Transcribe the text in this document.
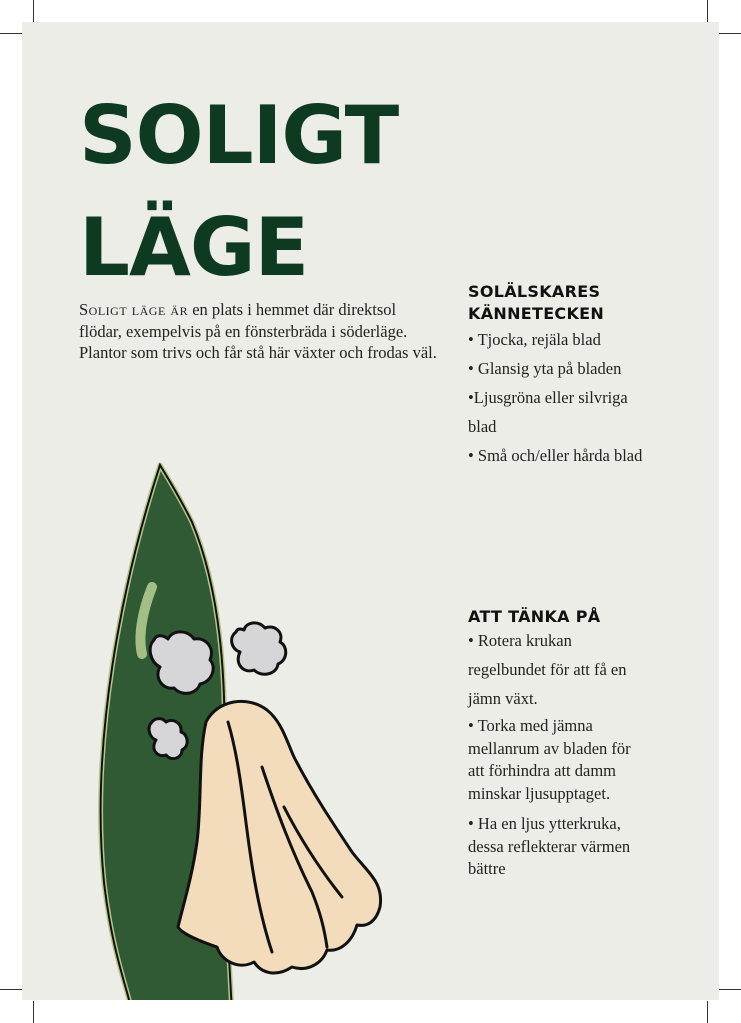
SOLIGT
LÄGE

Soligt läge är en plats i hemmet där direktsol flödar, exempelvis på en fönsterbräda i söderläge. Plantor som trivs och får stå här växter och frodas väl.

SOLÄLSKARES
KÄNNETECKEN
• Tjocka, rejäla blad
• Glansig yta på bladen
•Ljusgröna eller silvriga blad
• Små och/eller hårda blad
ATT TÄNKA PÅ
• Rotera krukan regelbundet för att få en jämn växt.
• Torka med jämna mellanrum av bladen för att förhindra att damm minskar ljusupptaget.
• Ha en ljus ytterkruka, dessa reflekterar värmen bättre
